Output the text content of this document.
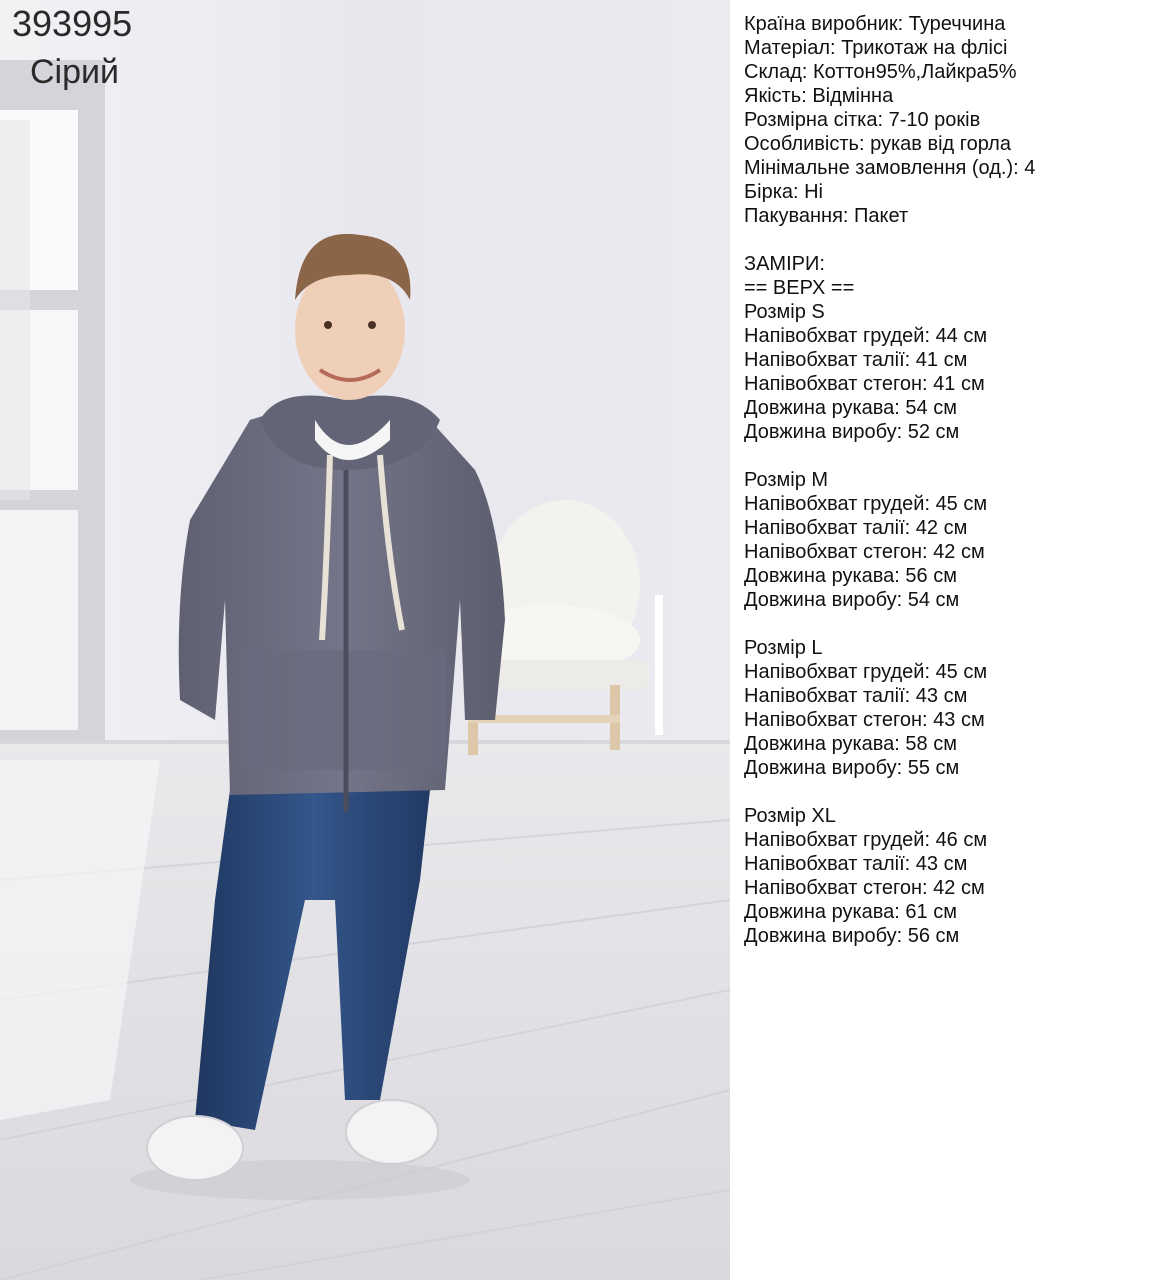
393995
Сірий
Країна виробник: Туреччина
Матеріал: Трикотаж на флісі
Склад: Коттон95%,Лайкра5%
Якість: Відмінна
Розмірна сітка: 7-10 років
Особливість: рукав від горла
Мінімальне замовлення (од.): 4
Бірка: Ні
Пакування: Пакет
ЗАМІРИ:
== ВЕРХ ==
Розмір S
Напівобхват грудей: 44 см
Напівобхват талії: 41 см
Напівобхват стегон: 41 см
Довжина рукава: 54 см
Довжина виробу: 52 см
Розмір M
Напівобхват грудей: 45 см
Напівобхват талії: 42 см
Напівобхват стегон: 42 см
Довжина рукава: 56 см
Довжина виробу: 54 см
Розмір L
Напівобхват грудей: 45 см
Напівобхват талії: 43 см
Напівобхват стегон: 43 см
Довжина рукава: 58 см
Довжина виробу: 55 см
Розмір XL
Напівобхват грудей: 46 см
Напівобхват талії: 43 см
Напівобхват стегон: 42 см
Довжина рукава: 61 см
Довжина виробу: 56 см
